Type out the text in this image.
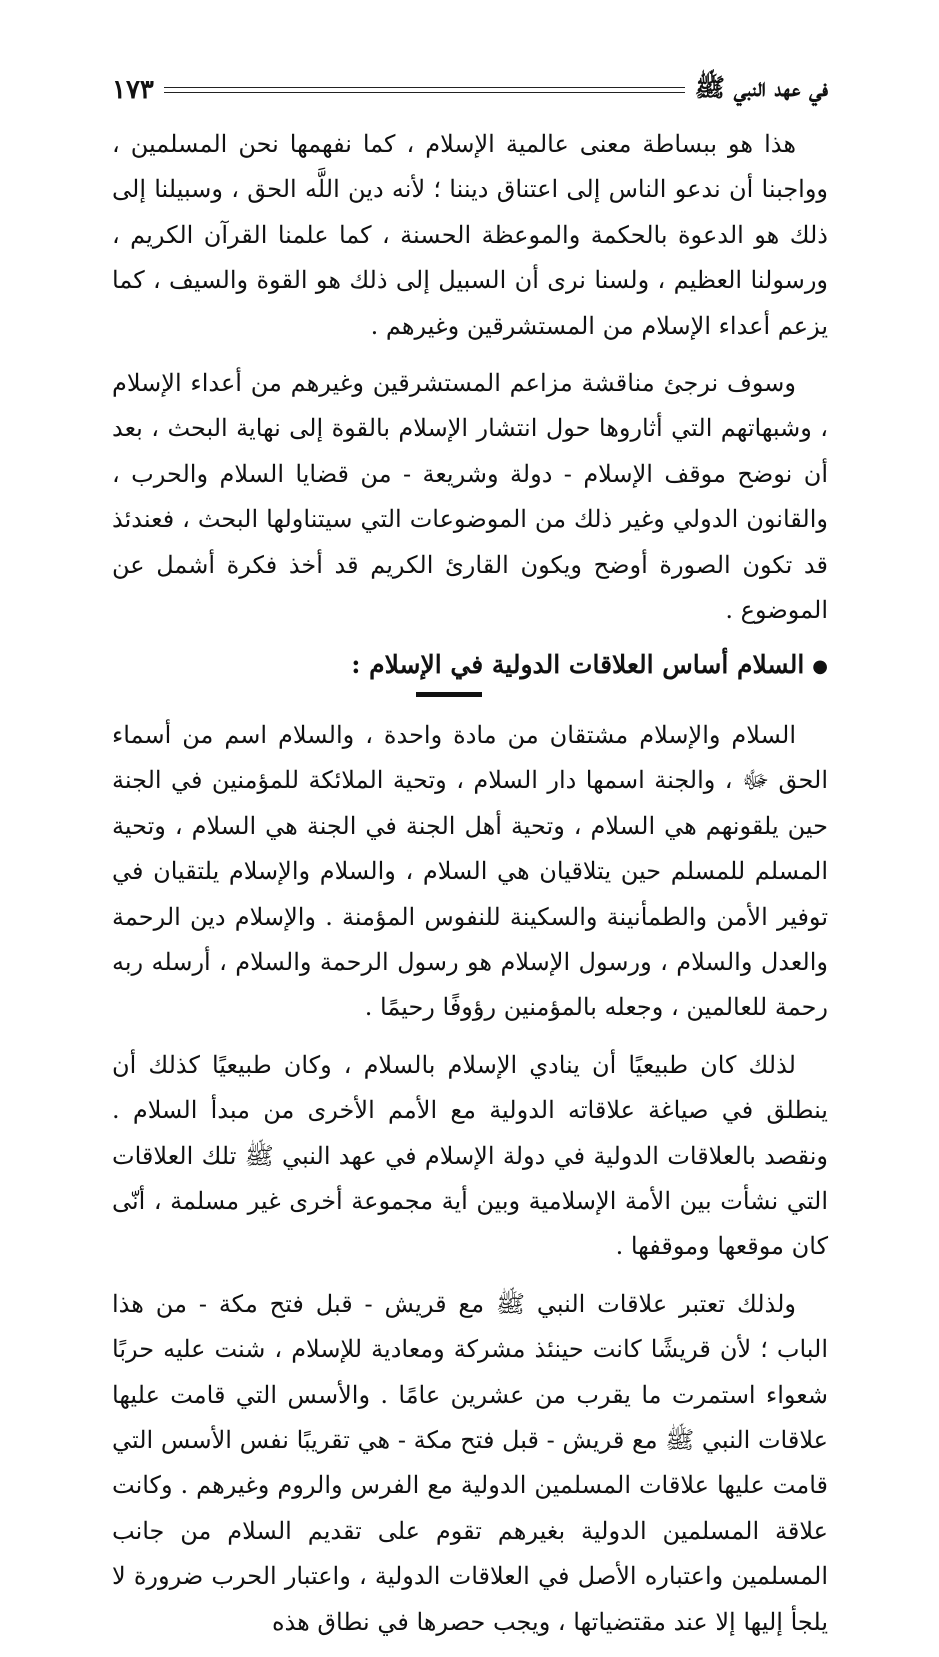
في عهد النبي ﷺ
١٧٣

هذا هو ببساطة معنى عالمية الإسلام ، كما نفهمها نحن المسلمين ، وواجبنا أن ندعو الناس إلى اعتناق ديننا ؛ لأنه دين اللَّه الحق ، وسبيلنا إلى ذلك هو الدعوة بالحكمة والموعظة الحسنة ، كما علمنا القرآن الكريم ، ورسولنا العظيم ، ولسنا نرى أن السبيل إلى ذلك هو القوة والسيف ، كما يزعم أعداء الإسلام من المستشرقين وغيرهم .

وسوف نرجئ مناقشة مزاعم المستشرقين وغيرهم من أعداء الإسلام ، وشبهاتهم التي أثاروها حول انتشار الإسلام بالقوة إلى نهاية البحث ، بعد أن نوضح موقف الإسلام - دولة وشريعة - من قضايا السلام والحرب ، والقانون الدولي وغير ذلك من الموضوعات التي سيتناولها البحث ، فعندئذ قد تكون الصورة أوضح ويكون القارئ الكريم قد أخذ فكرة أشمل عن الموضوع .

●السلام أساس العلاقات الدولية في الإسلام :

السلام والإسلام مشتقان من مادة واحدة ، والسلام اسم من أسماء الحق ﷻ ، والجنة اسمها دار السلام ، وتحية الملائكة للمؤمنين في الجنة حين يلقونهم هي السلام ، وتحية أهل الجنة في الجنة هي السلام ، وتحية المسلم للمسلم حين يتلاقيان هي السلام ، والسلام والإسلام يلتقيان في توفير الأمن والطمأنينة والسكينة للنفوس المؤمنة . والإسلام دين الرحمة والعدل والسلام ، ورسول الإسلام هو رسول الرحمة والسلام ، أرسله ربه رحمة للعالمين ، وجعله بالمؤمنين رؤوفًا رحيمًا .

لذلك كان طبيعيًا أن ينادي الإسلام بالسلام ، وكان طبيعيًا كذلك أن ينطلق في صياغة علاقاته الدولية مع الأمم الأخرى من مبدأ السلام . ونقصد بالعلاقات الدولية في دولة الإسلام في عهد النبي ﷺ تلك العلاقات التي نشأت بين الأمة الإسلامية وبين أية مجموعة أخرى غير مسلمة ، أنّى كان موقعها وموقفها .

ولذلك تعتبر علاقات النبي ﷺ مع قريش - قبل فتح مكة - من هذا الباب ؛ لأن قريشًا كانت حينئذ مشركة ومعادية للإسلام ، شنت عليه حربًا شعواء استمرت ما يقرب من عشرين عامًا . والأسس التي قامت عليها علاقات النبي ﷺ مع قريش - قبل فتح مكة - هي تقريبًا نفس الأسس التي قامت عليها علاقات المسلمين الدولية مع الفرس والروم وغيرهم . وكانت علاقة المسلمين الدولية بغيرهم تقوم على تقديم السلام من جانب المسلمين واعتباره الأصل في العلاقات الدولية ، واعتبار الحرب ضرورة لا يلجأ إليها إلا عند مقتضياتها ، ويجب حصرها في نطاق هذه
